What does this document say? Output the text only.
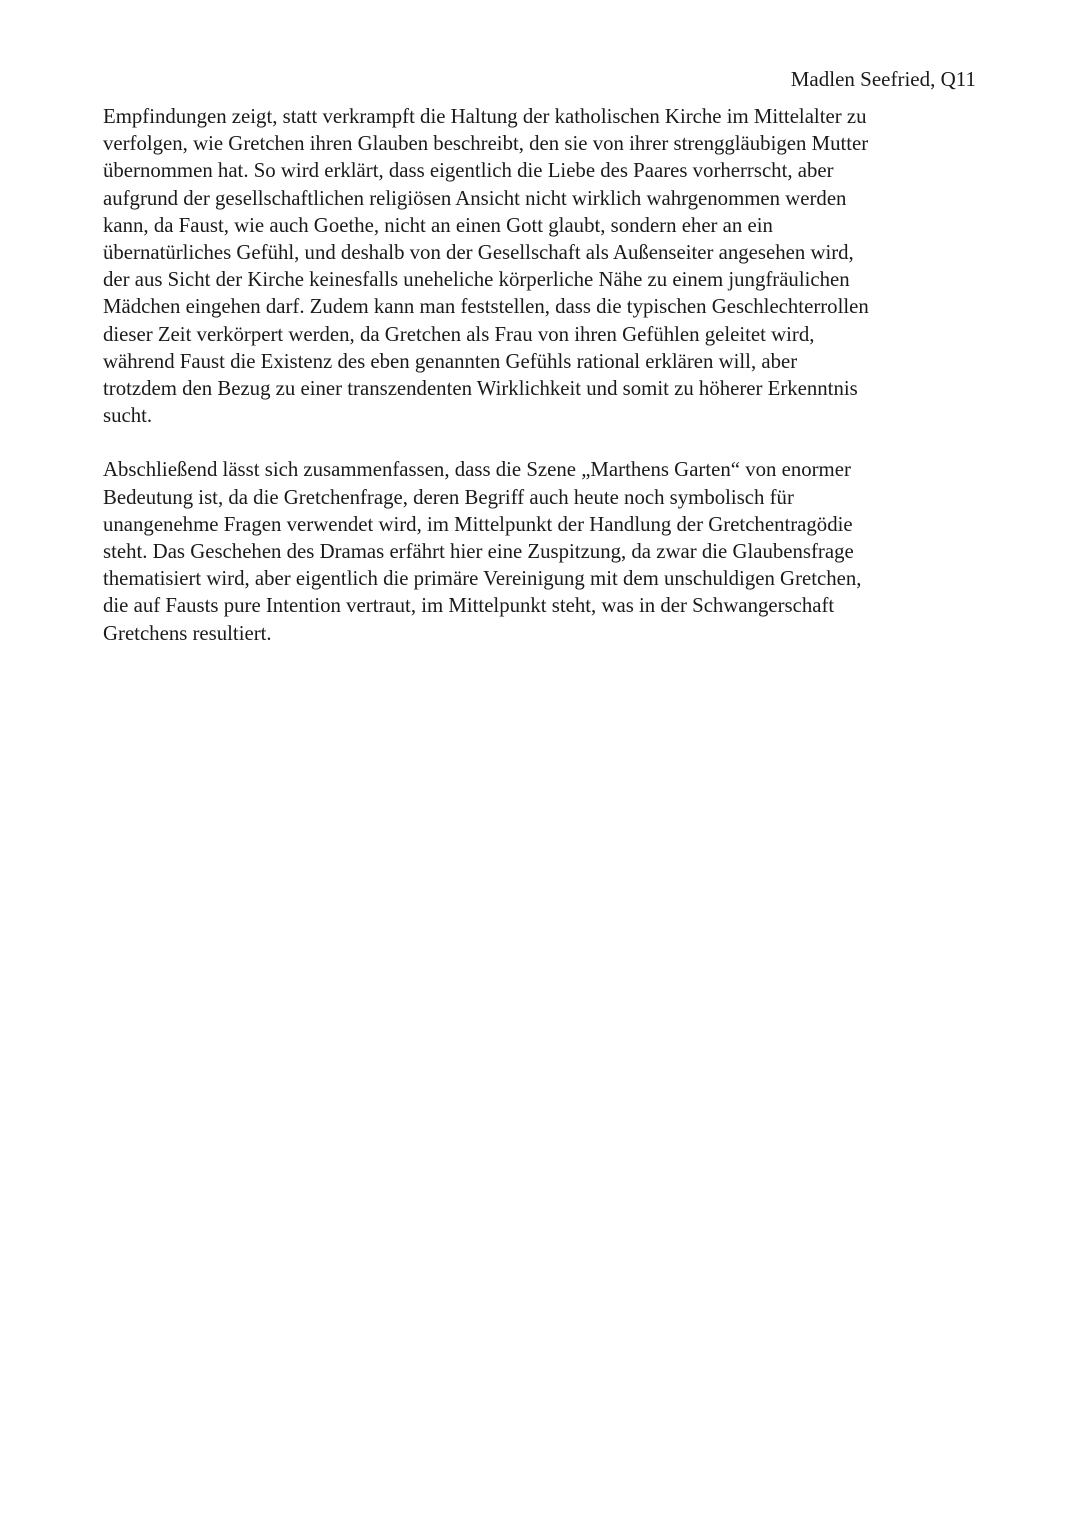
Madlen Seefried, Q11

Empfindungen zeigt, statt verkrampft die Haltung der katholischen Kirche im Mittelalter zu
verfolgen, wie Gretchen ihren Glauben beschreibt, den sie von ihrer strenggläubigen Mutter
übernommen hat. So wird erklärt, dass eigentlich die Liebe des Paares vorherrscht, aber
aufgrund der gesellschaftlichen religiösen Ansicht nicht wirklich wahrgenommen werden
kann, da Faust, wie auch Goethe, nicht an einen Gott glaubt, sondern eher an ein
übernatürliches Gefühl, und deshalb von der Gesellschaft als Außenseiter angesehen wird,
der aus Sicht der Kirche keinesfalls uneheliche körperliche Nähe zu einem jungfräulichen
Mädchen eingehen darf. Zudem kann man feststellen, dass die typischen Geschlechterrollen
dieser Zeit verkörpert werden, da Gretchen als Frau von ihren Gefühlen geleitet wird,
während Faust die Existenz des eben genannten Gefühls rational erklären will, aber
trotzdem den Bezug zu einer transzendenten Wirklichkeit und somit zu höherer Erkenntnis
sucht.

Abschließend lässt sich zusammenfassen, dass die Szene „Marthens Garten“ von enormer
Bedeutung ist, da die Gretchenfrage, deren Begriff auch heute noch symbolisch für
unangenehme Fragen verwendet wird, im Mittelpunkt der Handlung der Gretchentragödie
steht. Das Geschehen des Dramas erfährt hier eine Zuspitzung, da zwar die Glaubensfrage
thematisiert wird, aber eigentlich die primäre Vereinigung mit dem unschuldigen Gretchen,
die auf Fausts pure Intention vertraut, im Mittelpunkt steht, was in der Schwangerschaft
Gretchens resultiert.
